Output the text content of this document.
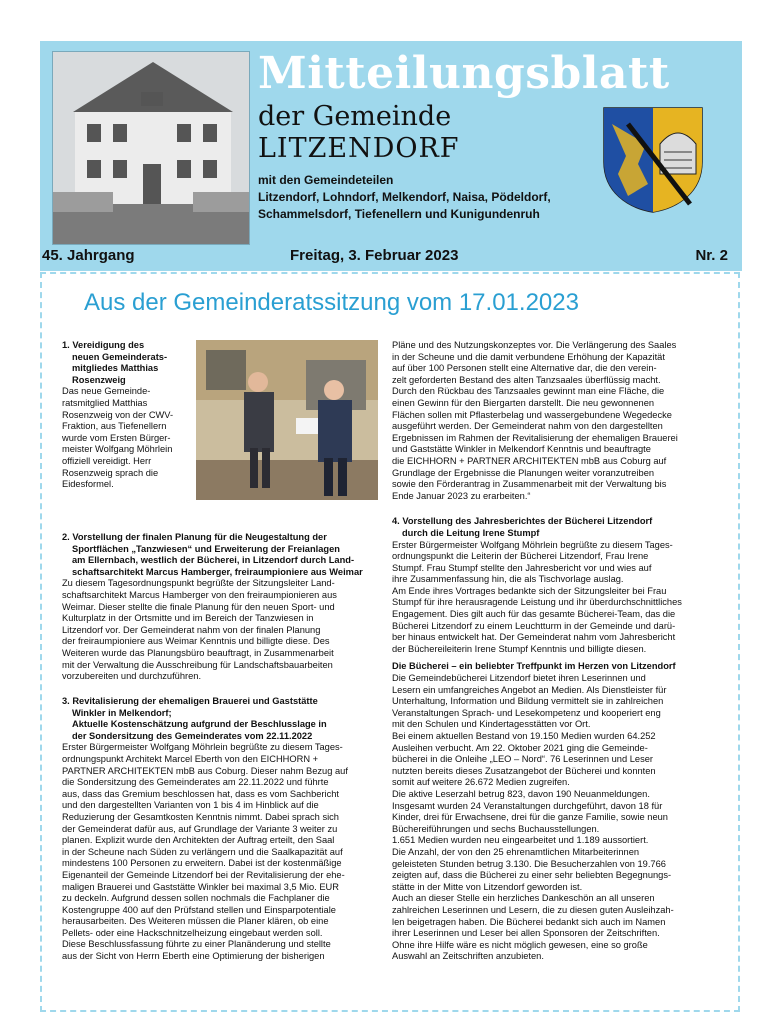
Mitteilungsblatt
der Gemeinde
LITZENDORF
mit den Gemeindeteilen
Litzendorf, Lohndorf, Melkendorf, Naisa, Pödeldorf,
Schammelsdorf, Tiefenellern und Kunigundenruh
45. Jahrgang	Freitag, 3. Februar 2023	Nr. 2
Aus der Gemeinderatssitzung vom 17.01.2023
1. Vereidigung des
neuen Gemeinderats-
mitgliedes Matthias
Rosenzweig
Das neue Gemeinde-
ratsmitglied Matthias
Rosenzweig von der CWV-
Fraktion, aus Tiefenellern
wurde vom Ersten Bürger-
meister Wolfgang Möhrlein
offiziell vereidigt. Herr
Rosenzweig sprach die
Eidesformel.
2. Vorstellung der finalen Planung für die Neugestaltung der
Sportflächen „Tanzwiesen“ und Erweiterung der Freianlagen
am Ellernbach, westlich der Bücherei, in Litzendorf durch Land-
schaftsarchitekt Marcus Hamberger, freiraumpioniere aus Weimar
Zu diesem Tagesordnungspunkt begrüßte der Sitzungsleiter Land-
schaftsarchitekt Marcus Hamberger von den freiraumpionieren aus
Weimar. Dieser stellte die finale Planung für den neuen Sport- und
Kulturplatz in der Ortsmitte und im Bereich der Tanzwiesen in
Litzendorf vor. Der Gemeinderat nahm von der finalen Planung
der freiraumpioniere aus Weimar Kenntnis und billigte diese. Des
Weiteren wurde das Planungsbüro beauftragt, in Zusammenarbeit
mit der Verwaltung die Ausschreibung für Landschaftsbauarbeiten
vorzubereiten und durchzuführen.
3. Revitalisierung der ehemaligen Brauerei und Gaststätte
Winkler in Melkendorf;
Aktuelle Kostenschätzung aufgrund der Beschlusslage in
der Sondersitzung des Gemeinderates vom 22.11.2022
Erster Bürgermeister Wolfgang Möhrlein begrüßte zu diesem Tages-
ordnungspunkt Architekt Marcel Eberth von den EICHHORN +
PARTNER ARCHITEKTEN mbB aus Coburg. Dieser nahm Bezug auf
die Sondersitzung des Gemeinderates am 22.11.2022 und führte
aus, dass das Gremium beschlossen hat, dass es vom Sachbericht
und den dargestellten Varianten von 1 bis 4 im Hinblick auf die
Reduzierung der Gesamtkosten Kenntnis nimmt. Dabei sprach sich
der Gemeinderat dafür aus, auf Grundlage der Variante 3 weiter zu
planen. Explizit wurde den Architekten der Auftrag erteilt, den Saal
in der Scheune nach Süden zu verlängern und die Saalkapazität auf
mindestens 100 Personen zu erweitern. Dabei ist der kostenmäßige
Eigenanteil der Gemeinde Litzendorf bei der Revitalisierung der ehe-
maligen Brauerei und Gaststätte Winkler bei maximal 3,5 Mio. EUR
zu deckeln. Aufgrund dessen sollen nochmals die Fachplaner die
Kostengruppe 400 auf den Prüfstand stellen und Einsparpotentiale
herausarbeiten. Des Weiteren müssen die Planer klären, ob eine
Pellets- oder eine Hackschnitzelheizung eingebaut werden soll.
Diese Beschlussfassung führte zu einer Planänderung und stellte
aus der Sicht von Herrn Eberth eine Optimierung der bisherigen
Pläne und des Nutzungskonzeptes vor. Die Verlängerung des Saales
in der Scheune und die damit verbundene Erhöhung der Kapazität
auf über 100 Personen stellt eine Alternative dar, die den verein-
zelt geforderten Bestand des alten Tanzsaales überflüssig macht.
Durch den Rückbau des Tanzsaales gewinnt man eine Fläche, die
einen Gewinn für den Biergarten darstellt. Die neu gewonnenen
Flächen sollen mit Pflasterbelag und wassergebundene Wegedecke
ausgeführt werden. Der Gemeinderat nahm von den dargestellten
Ergebnissen im Rahmen der Revitalisierung der ehemaligen Brauerei
und Gaststätte Winkler in Melkendorf Kenntnis und beauftragte
die EICHHORN + PARTNER ARCHITEKTEN mbB aus Coburg auf
Grundlage der Ergebnisse die Planungen weiter voranzutreiben
sowie den Förderantrag in Zusammenarbeit mit der Verwaltung bis
Ende Januar 2023 zu erarbeiten.“
4. Vorstellung des Jahresberichtes der Bücherei Litzendorf
durch die Leitung Irene Stumpf
Erster Bürgermeister Wolfgang Möhrlein begrüßte zu diesem Tages-
ordnungspunkt die Leiterin der Bücherei Litzendorf, Frau Irene
Stumpf. Frau Stumpf stellte den Jahresbericht vor und wies auf
ihre Zusammenfassung hin, die als Tischvorlage auslag.
Am Ende ihres Vortrages bedankte sich der Sitzungsleiter bei Frau
Stumpf für ihre herausragende Leistung und ihr überdurchschnittliches
Engagement. Dies gilt auch für das gesamte Bücherei-Team, das die
Bücherei Litzendorf zu einem Leuchtturm in der Gemeinde und darü-
ber hinaus entwickelt hat. Der Gemeinderat nahm vom Jahresbericht
der Büchereileiterin Irene Stumpf Kenntnis und billigte diesen.
Die Bücherei – ein beliebter Treffpunkt im Herzen von Litzendorf
Die Gemeindebücherei Litzendorf bietet ihren Leserinnen und
Lesern ein umfangreiches Angebot an Medien. Als Dienstleister für
Unterhaltung, Information und Bildung vermittelt sie in zahlreichen
Veranstaltungen Sprach- und Lesekompetenz und kooperiert eng
mit den Schulen und Kindertagesstätten vor Ort.
Bei einem aktuellen Bestand von 19.150 Medien wurden 64.252
Ausleihen verbucht. Am 22. Oktober 2021 ging die Gemeinde-
bücherei in die Onleihe „LEO – Nord“. 76 Leserinnen und Leser
nutzten bereits dieses Zusatzangebot der Bücherei und konnten
somit auf weitere 26.672 Medien zugreifen.
Die aktive Leserzahl betrug 823, davon 190 Neuanmeldungen.
Insgesamt wurden 24 Veranstaltungen durchgeführt, davon 18 für
Kinder, drei für Erwachsene, drei für die ganze Familie, sowie neun
Büchereiführungen und sechs Buchausstellungen.
1.651 Medien wurden neu eingearbeitet und 1.189 aussortiert.
Die Anzahl, der von den 25 ehrenamtlichen Mitarbeiterinnen
geleisteten Stunden betrug 3.130. Die Besucherzahlen von 19.766
zeigten auf, dass die Bücherei zu einer sehr beliebten Begegnungs-
stätte in der Mitte von Litzendorf geworden ist.
Auch an dieser Stelle ein herzliches Dankeschön an all unseren
zahlreichen Leserinnen und Lesern, die zu diesen guten Ausleihzah-
len beigetragen haben. Die Bücherei bedankt sich auch im Namen
ihrer Leserinnen und Leser bei allen Sponsoren der Zeitschriften.
Ohne ihre Hilfe wäre es nicht möglich gewesen, eine so große
Auswahl an Zeitschriften anzubieten.
